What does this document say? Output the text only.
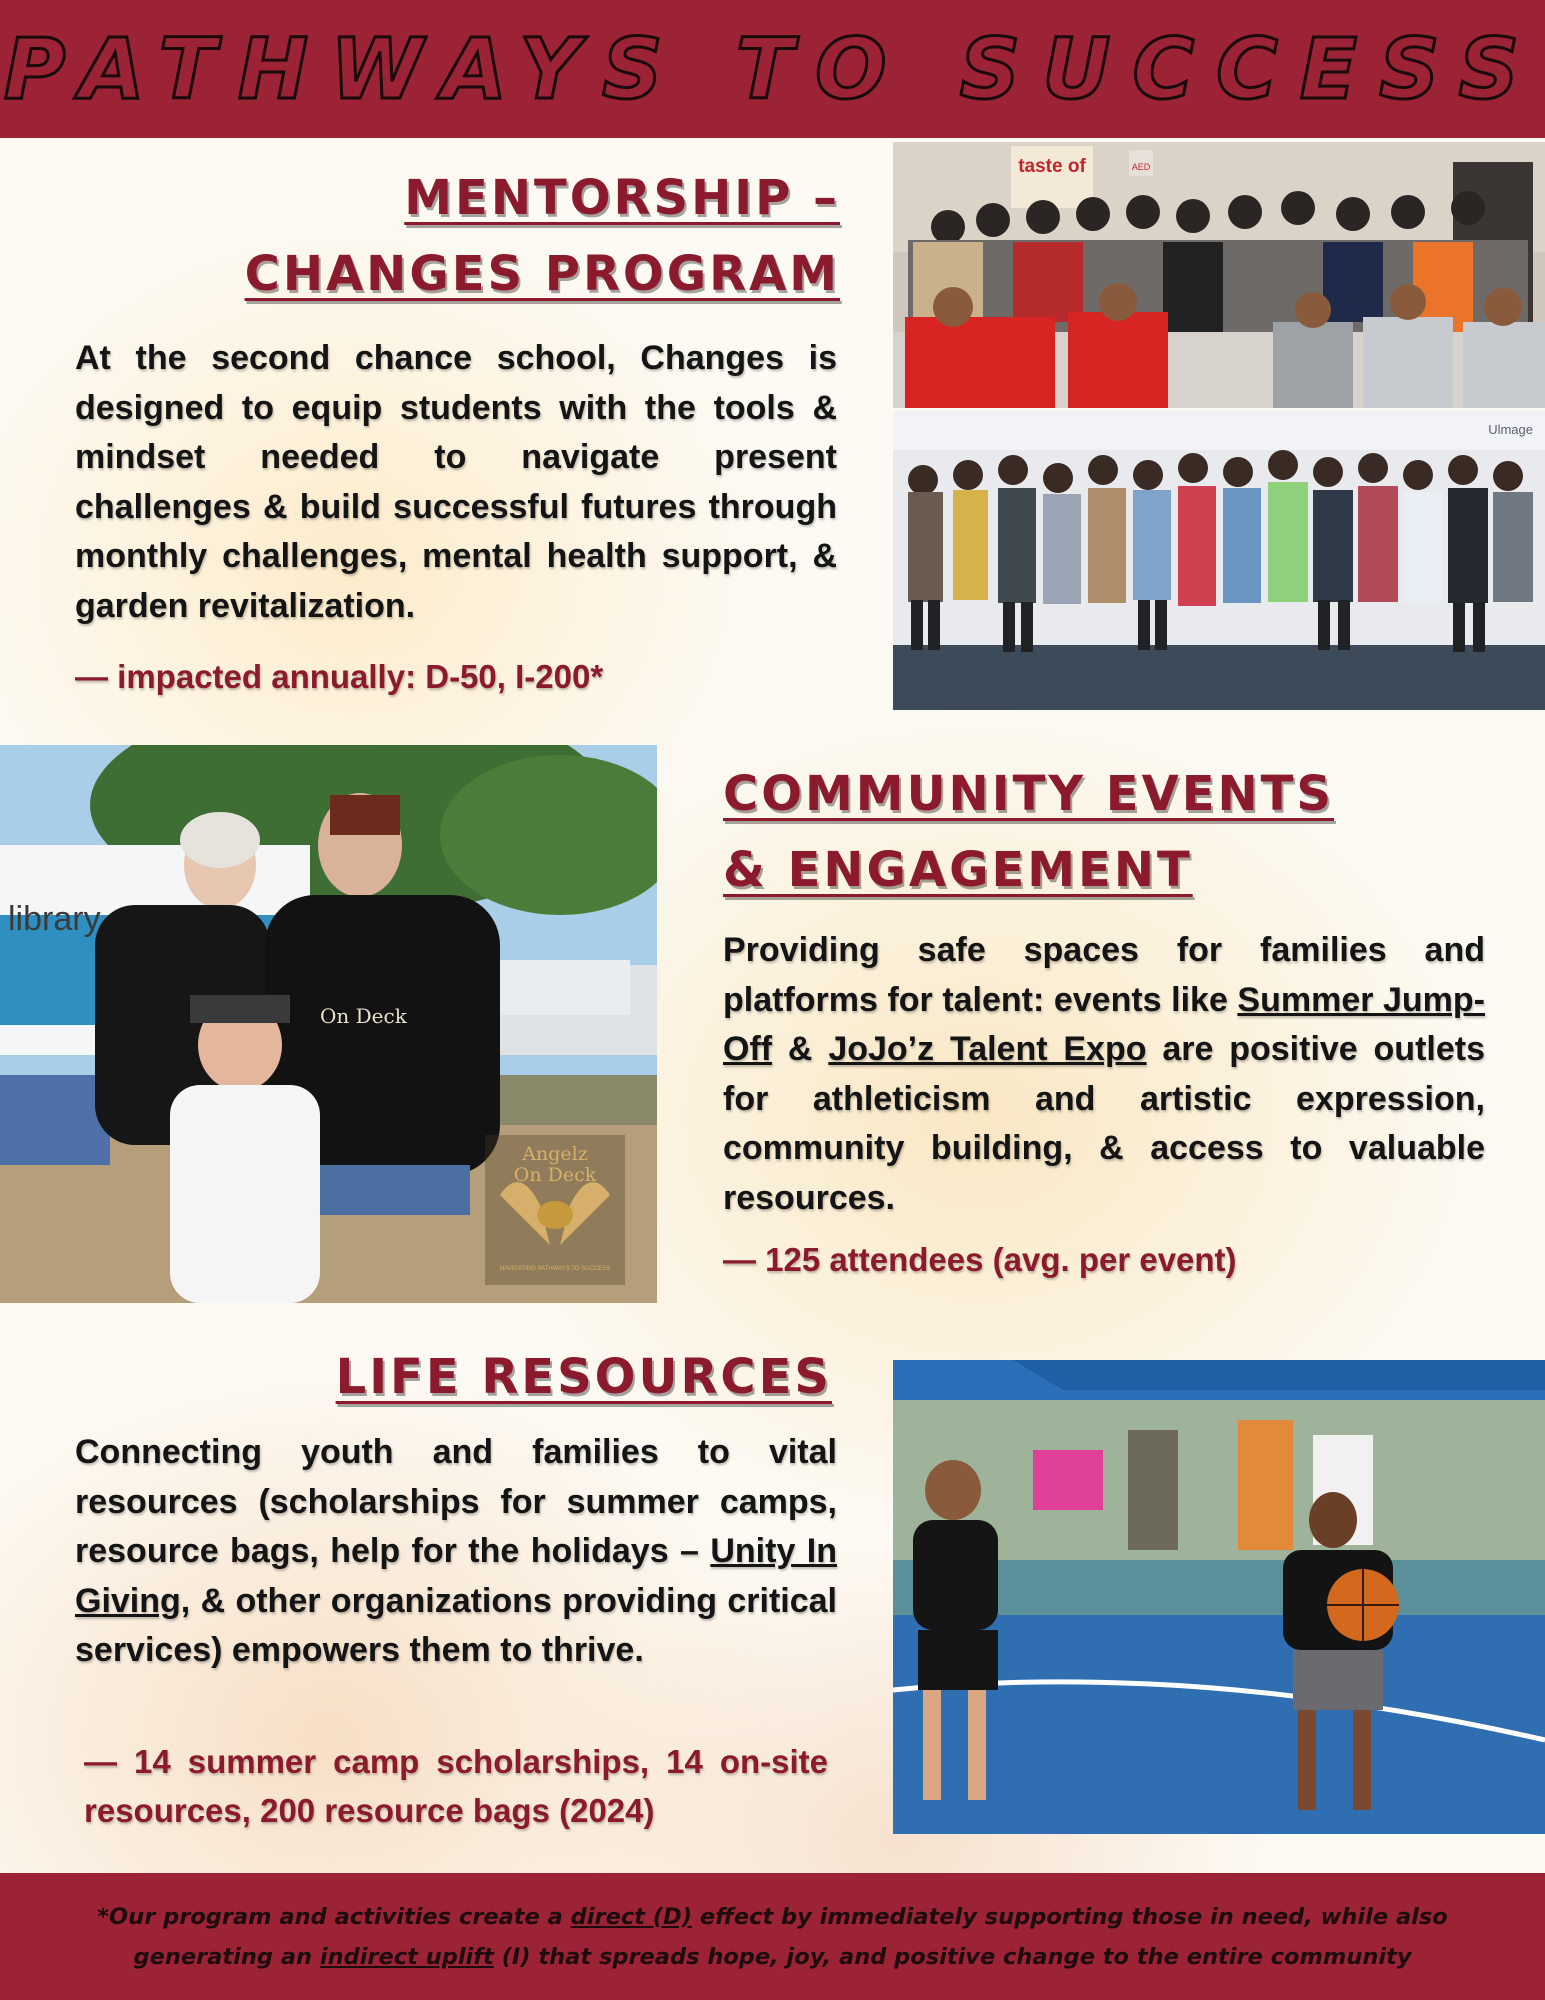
PATHWAYS TO SUCCESS
MENTORSHIP –
CHANGES PROGRAM

At the second chance school, Changes is designed to equip students with the tools & mindset needed to navigate present challenges & build successful futures through monthly challenges, mental health support, & garden revitalization.

— impacted annually: D-50, I-200*

taste of	AED
Ulmage
library
On Deck
Angelz
On Deck
NAVIGATING PATHWAYS TO SUCCESS
COMMUNITY EVENTS
& ENGAGEMENT

Providing safe spaces for families and platforms for talent: events like Summer Jump-Off & JoJo’z Talent Expo are positive outlets for athleticism and artistic expression, community building, & access to valuable resources.

— 125 attendees (avg. per event)

LIFE RESOURCES

Connecting youth and families to vital resources (scholarships for summer camps, resource bags, help for the holidays – Unity In Giving, & other organizations providing critical services) empowers them to thrive.

— 14 summer camp scholarships, 14 on-site resources, 200 resource bags (2024)

*Our program and activities create a direct (D) effect by immediately supporting those in need, while also generating an indirect uplift (I) that spreads hope, joy, and positive change to the entire community
